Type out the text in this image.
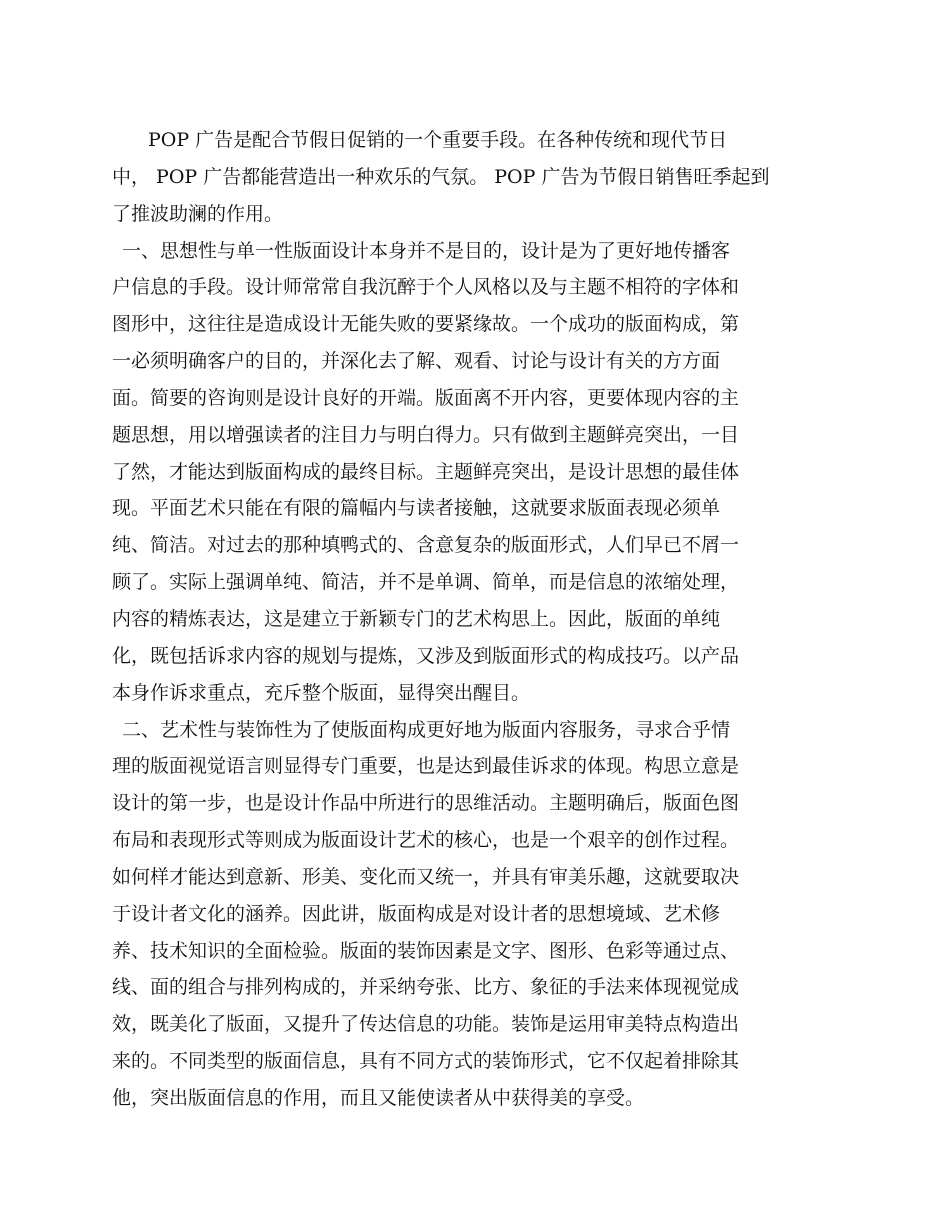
POP 广告是配合节假日促销的一个重要手段。在各种传统和现代节日
中， POP 广告都能营造出一种欢乐的气氛。 POP 广告为节假日销售旺季起到
了推波助澜的作用。
一、思想性与单一性版面设计本身并不是目的，设计是为了更好地传播客
户信息的手段。设计师常常自我沉醉于个人风格以及与主题不相符的字体和
图形中，这往往是造成设计无能失败的要紧缘故。一个成功的版面构成，第
一必须明确客户的目的，并深化去了解、观看、讨论与设计有关的方方面
面。简要的咨询则是设计良好的开端。版面离不开内容，更要体现内容的主
题思想，用以增强读者的注目力与明白得力。只有做到主题鲜亮突出，一目
了然，才能达到版面构成的最终目标。主题鲜亮突出，是设计思想的最佳体
现。平面艺术只能在有限的篇幅内与读者接触，这就要求版面表现必须单
纯、简洁。对过去的那种填鸭式的、含意复杂的版面形式，人们早已不屑一
顾了。实际上强调单纯、简洁，并不是单调、简单，而是信息的浓缩处理，
内容的精炼表达，这是建立于新颖专门的艺术构思上。因此，版面的单纯
化，既包括诉求内容的规划与提炼，又涉及到版面形式的构成技巧。以产品
本身作诉求重点，充斥整个版面，显得突出醒目。
二、艺术性与装饰性为了使版面构成更好地为版面内容服务，寻求合乎情
理的版面视觉语言则显得专门重要，也是达到最佳诉求的体现。构思立意是
设计的第一步，也是设计作品中所进行的思维活动。主题明确后，版面色图
布局和表现形式等则成为版面设计艺术的核心，也是一个艰辛的创作过程。
如何样才能达到意新、形美、变化而又统一，并具有审美乐趣，这就要取决
于设计者文化的涵养。因此讲，版面构成是对设计者的思想境域、艺术修
养、技术知识的全面检验。版面的装饰因素是文字、图形、色彩等通过点、
线、面的组合与排列构成的，并采纳夸张、比方、象征的手法来体现视觉成
效，既美化了版面，又提升了传达信息的功能。装饰是运用审美特点构造出
来的。不同类型的版面信息，具有不同方式的装饰形式，它不仅起着排除其
他，突出版面信息的作用，而且又能使读者从中获得美的享受。
